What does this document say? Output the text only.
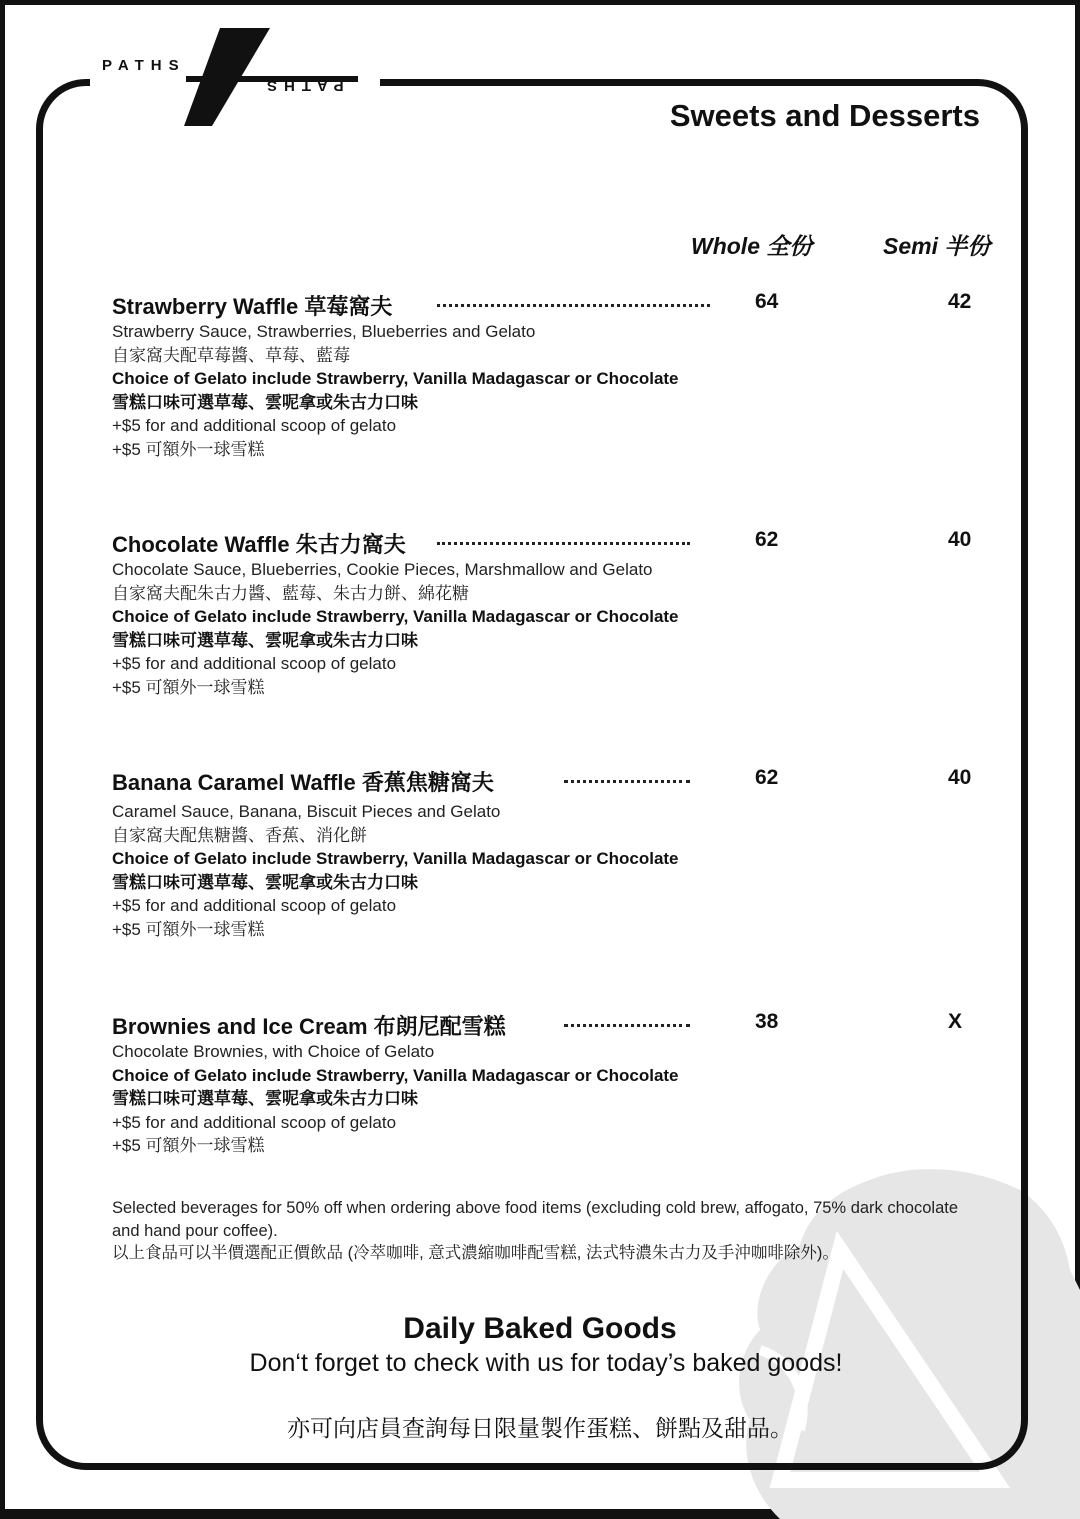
PATHS
PATHS
Sweets and Desserts
Whole 全份	Semi 半份
Strawberry Waffle 草莓窩夫	64	42
Strawberry Sauce, Strawberries, Blueberries and Gelato
自家窩夫配草莓醬、草莓、藍莓
Choice of Gelato include Strawberry, Vanilla Madagascar or Chocolate
雪糕口味可選草莓、雲呢拿或朱古力口味
+$5 for and additional scoop of gelato
+$5 可額外一球雪糕
Chocolate Waffle 朱古力窩夫	62	40
Chocolate Sauce, Blueberries, Cookie Pieces, Marshmallow and Gelato
自家窩夫配朱古力醬、藍莓、朱古力餅、綿花糖
Choice of Gelato include Strawberry, Vanilla Madagascar or Chocolate
雪糕口味可選草莓、雲呢拿或朱古力口味
+$5 for and additional scoop of gelato
+$5 可額外一球雪糕
Banana Caramel Waffle 香蕉焦糖窩夫	62	40
Caramel Sauce, Banana, Biscuit Pieces and Gelato
自家窩夫配焦糖醬、香蕉、消化餅
Choice of Gelato include Strawberry, Vanilla Madagascar or Chocolate
雪糕口味可選草莓、雲呢拿或朱古力口味
+$5 for and additional scoop of gelato
+$5 可額外一球雪糕
Brownies and Ice Cream 布朗尼配雪糕	38	X
Chocolate Brownies, with Choice of Gelato
Choice of Gelato include Strawberry, Vanilla Madagascar or Chocolate
雪糕口味可選草莓、雲呢拿或朱古力口味
+$5 for and additional scoop of gelato
+$5 可額外一球雪糕
Selected beverages for 50% off when ordering above food items (excluding cold brew, affogato, 75% dark chocolate and hand pour coffee).
以上食品可以半價選配正價飲品 (冷萃咖啡, 意式濃縮咖啡配雪糕, 法式特濃朱古力及手沖咖啡除外)。
Daily Baked Goods
Don‘t forget to check with us for today’s baked goods!
亦可向店員查詢每日限量製作蛋糕、餅點及甜品。
